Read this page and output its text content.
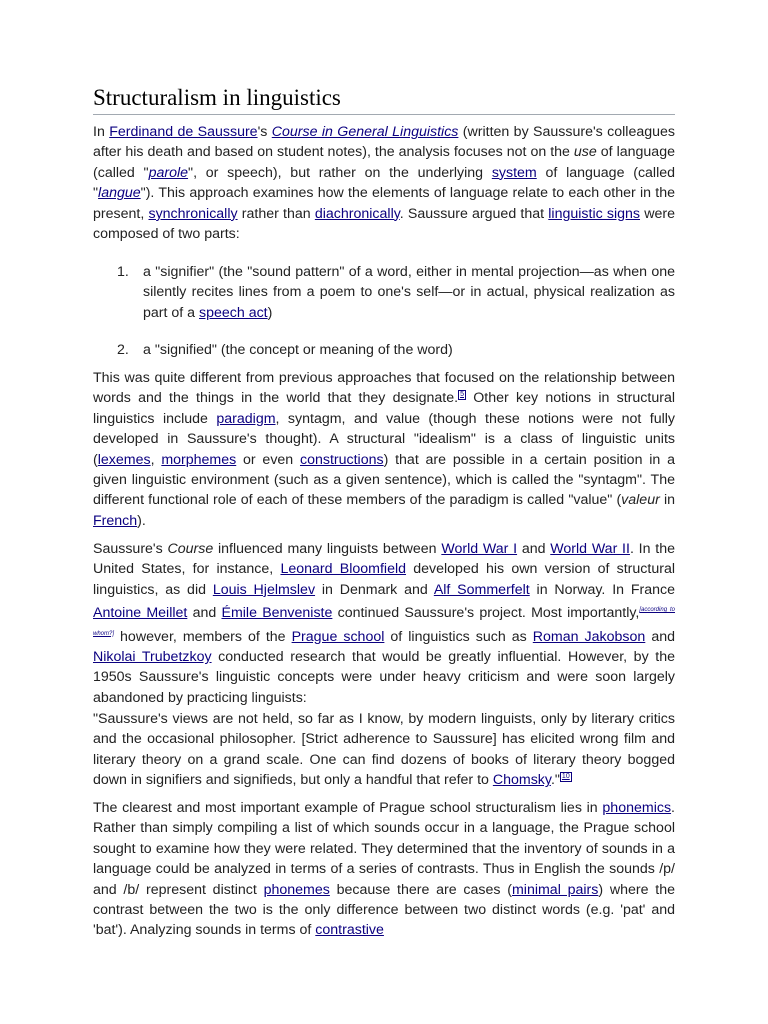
Structuralism in linguistics

In Ferdinand de Saussure's Course in General Linguistics (written by Saussure's colleagues after his death and based on student notes), the analysis focuses not on the use of language (called "parole", or speech), but rather on the underlying system of language (called "langue"). This approach examines how the elements of language relate to each other in the present, synchronically rather than diachronically. Saussure argued that linguistic signs were composed of two parts:

1. a "signifier" (the "sound pattern" of a word, either in mental projection—as when one silently recites lines from a poem to one's self—or in actual, physical realization as part of a speech act)

2. a "signified" (the concept or meaning of the word)

This was quite different from previous approaches that focused on the relationship between words and the things in the world that they designate. 5 Other key notions in structural linguistics include paradigm, syntagm, and value (though these notions were not fully developed in Saussure's thought). A structural "idealism" is a class of linguistic units (lexemes, morphemes or even constructions) that are possible in a certain position in a given linguistic environment (such as a given sentence), which is called the "syntagm". The different functional role of each of these members of the paradigm is called "value" (valeur in French).

Saussure's Course influenced many linguists between World War I and World War II. In the United States, for instance, Leonard Bloomfield developed his own version of structural linguistics, as did Louis Hjelmslev in Denmark and Alf Sommerfelt in Norway. In France Antoine Meillet and Émile Benveniste continued Saussure's project. Most importantly,[according to whom?] however, members of the Prague school of linguistics such as Roman Jakobson and Nikolai Trubetzkoy conducted research that would be greatly influential. However, by the 1950s Saussure's linguistic concepts were under heavy criticism and were soon largely abandoned by practicing linguists:

"Saussure's views are not held, so far as I know, by modern linguists, only by literary critics and the occasional philosopher. [Strict adherence to Saussure] has elicited wrong film and literary theory on a grand scale. One can find dozens of books of literary theory bogged down in signifiers and signifieds, but only a handful that refer to Chomsky." 10

The clearest and most important example of Prague school structuralism lies in phonemics. Rather than simply compiling a list of which sounds occur in a language, the Prague school sought to examine how they were related. They determined that the inventory of sounds in a language could be analyzed in terms of a series of contrasts. Thus in English the sounds /p/ and /b/ represent distinct phonemes because there are cases (minimal pairs) where the contrast between the two is the only difference between two distinct words (e.g. 'pat' and 'bat'). Analyzing sounds in terms of contrastive
